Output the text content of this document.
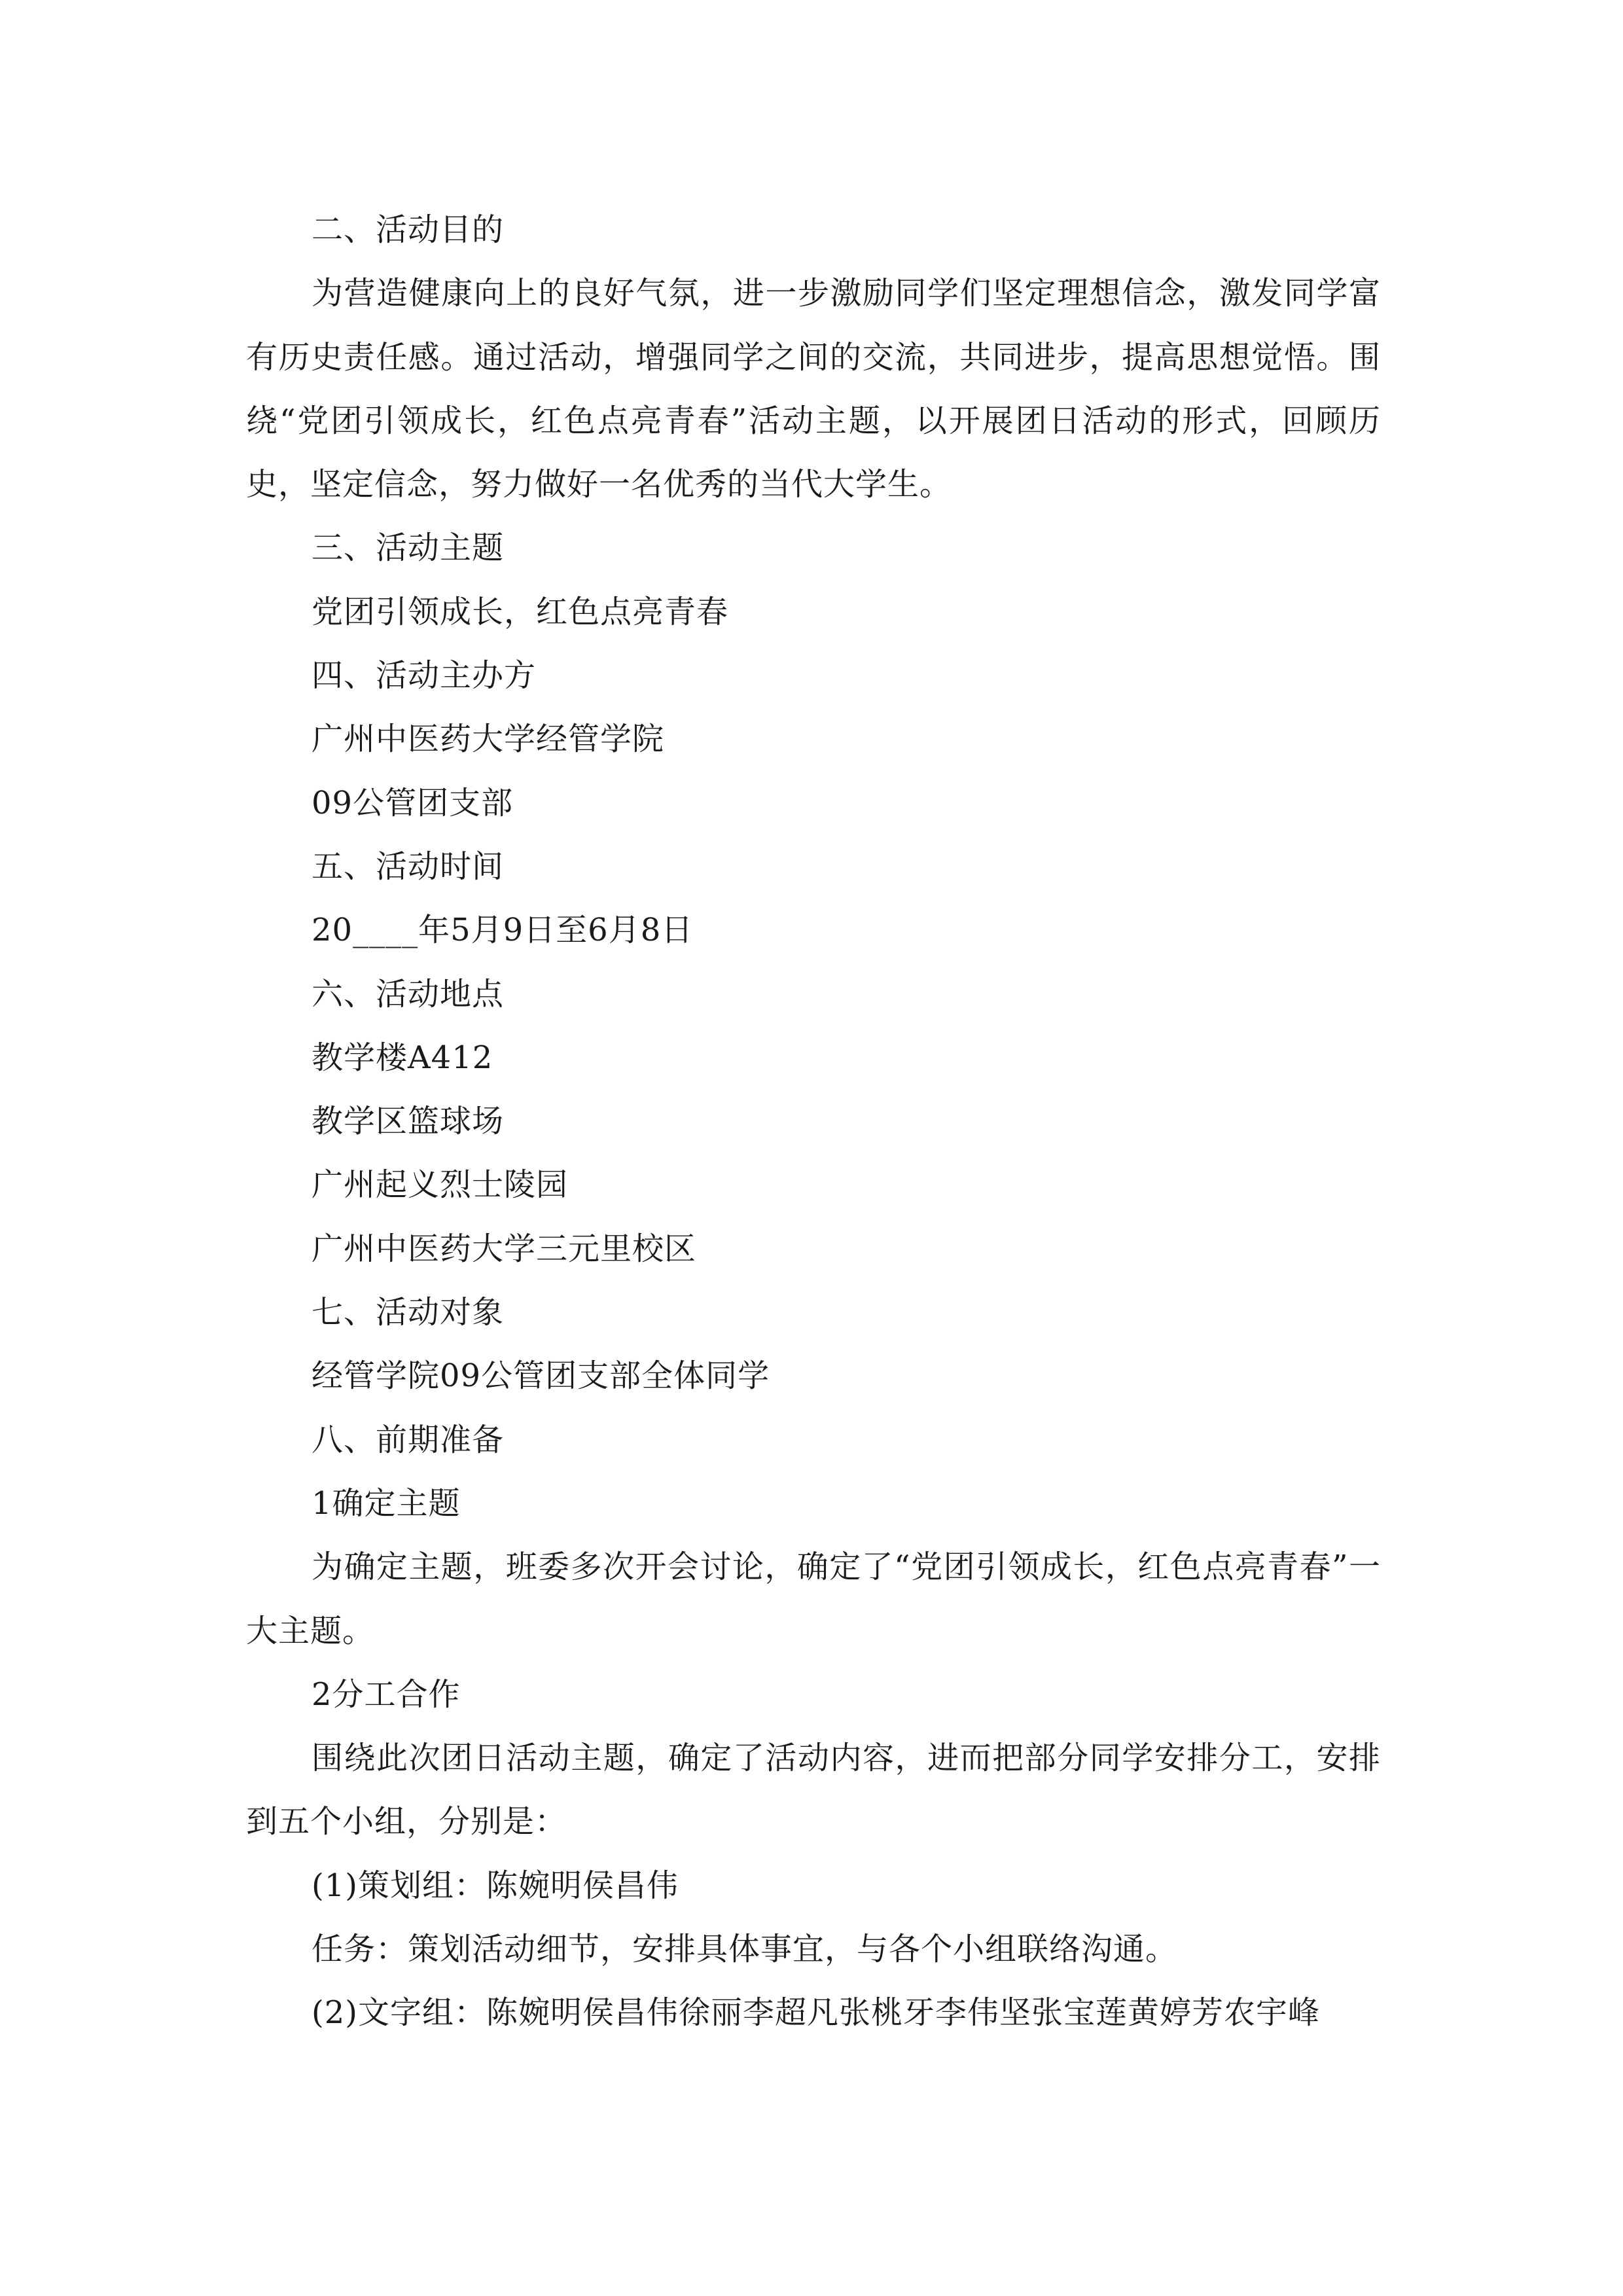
二、活动目的

为营造健康向上的良好气氛，进一步激励同学们坚定理想信念，激发同学富有历史责任感。通过活动，增强同学之间的交流，共同进步，提高思想觉悟。围绕“党团引领成长，红色点亮青春”活动主题，以开展团日活动的形式，回顾历史，坚定信念，努力做好一名优秀的当代大学生。

三、活动主题

党团引领成长，红色点亮青春

四、活动主办方

广州中医药大学经管学院

09公管团支部

五、活动时间

20____年5月9日至6月8日

六、活动地点

教学楼A412

教学区篮球场

广州起义烈士陵园

广州中医药大学三元里校区

七、活动对象

经管学院09公管团支部全体同学

八、前期准备

1确定主题

为确定主题，班委多次开会讨论，确定了“党团引领成长，红色点亮青春”一大主题。

2分工合作

围绕此次团日活动主题，确定了活动内容，进而把部分同学安排分工，安排到五个小组，分别是：

(1)策划组：陈婉明侯昌伟

任务：策划活动细节，安排具体事宜，与各个小组联络沟通。

(2)文字组：陈婉明侯昌伟徐丽李超凡张桃牙李伟坚张宝莲黄婷芳农宇峰
